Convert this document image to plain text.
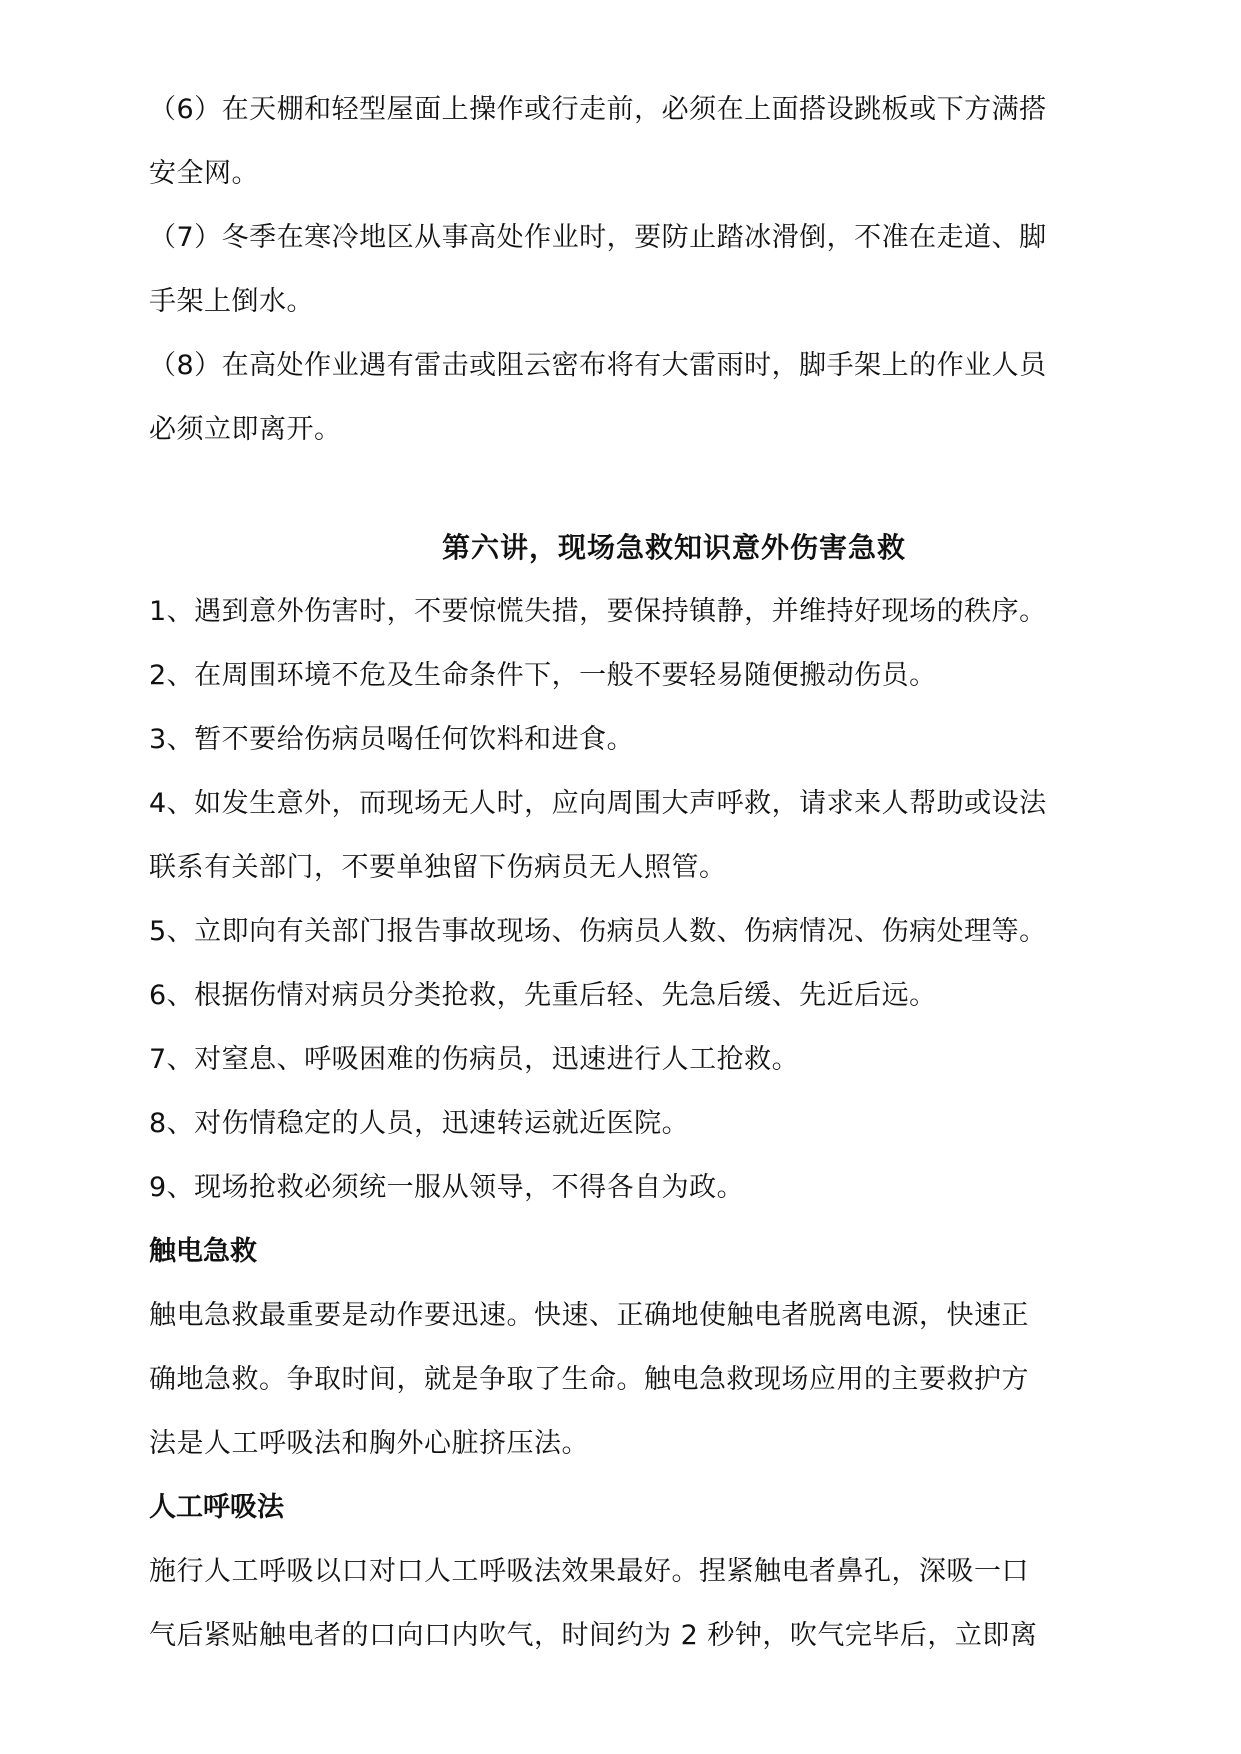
（6）在天棚和轻型屋面上操作或行走前，必须在上面搭设跳板或下方满搭
安全网。
（7）冬季在寒冷地区从事高处作业时，要防止踏冰滑倒，不准在走道、脚
手架上倒水。
（8）在高处作业遇有雷击或阻云密布将有大雷雨时，脚手架上的作业人员
必须立即离开。
第六讲，现场急救知识意外伤害急救
1、遇到意外伤害时，不要惊慌失措，要保持镇静，并维持好现场的秩序。
2、在周围环境不危及生命条件下，一般不要轻易随便搬动伤员。
3、暂不要给伤病员喝任何饮料和进食。
4、如发生意外，而现场无人时，应向周围大声呼救，请求来人帮助或设法
联系有关部门，不要单独留下伤病员无人照管。
5、立即向有关部门报告事故现场、伤病员人数、伤病情况、伤病处理等。
6、根据伤情对病员分类抢救，先重后轻、先急后缓、先近后远。
7、对窒息、呼吸困难的伤病员，迅速进行人工抢救。
8、对伤情稳定的人员，迅速转运就近医院。
9、现场抢救必须统一服从领导，不得各自为政。
触电急救
触电急救最重要是动作要迅速。快速、正确地使触电者脱离电源，快速正
确地急救。争取时间，就是争取了生命。触电急救现场应用的主要救护方
法是人工呼吸法和胸外心脏挤压法。
人工呼吸法
施行人工呼吸以口对口人工呼吸法效果最好。捏紧触电者鼻孔，深吸一口
气后紧贴触电者的口向口内吹气，时间约为 2 秒钟，吹气完毕后，立即离
